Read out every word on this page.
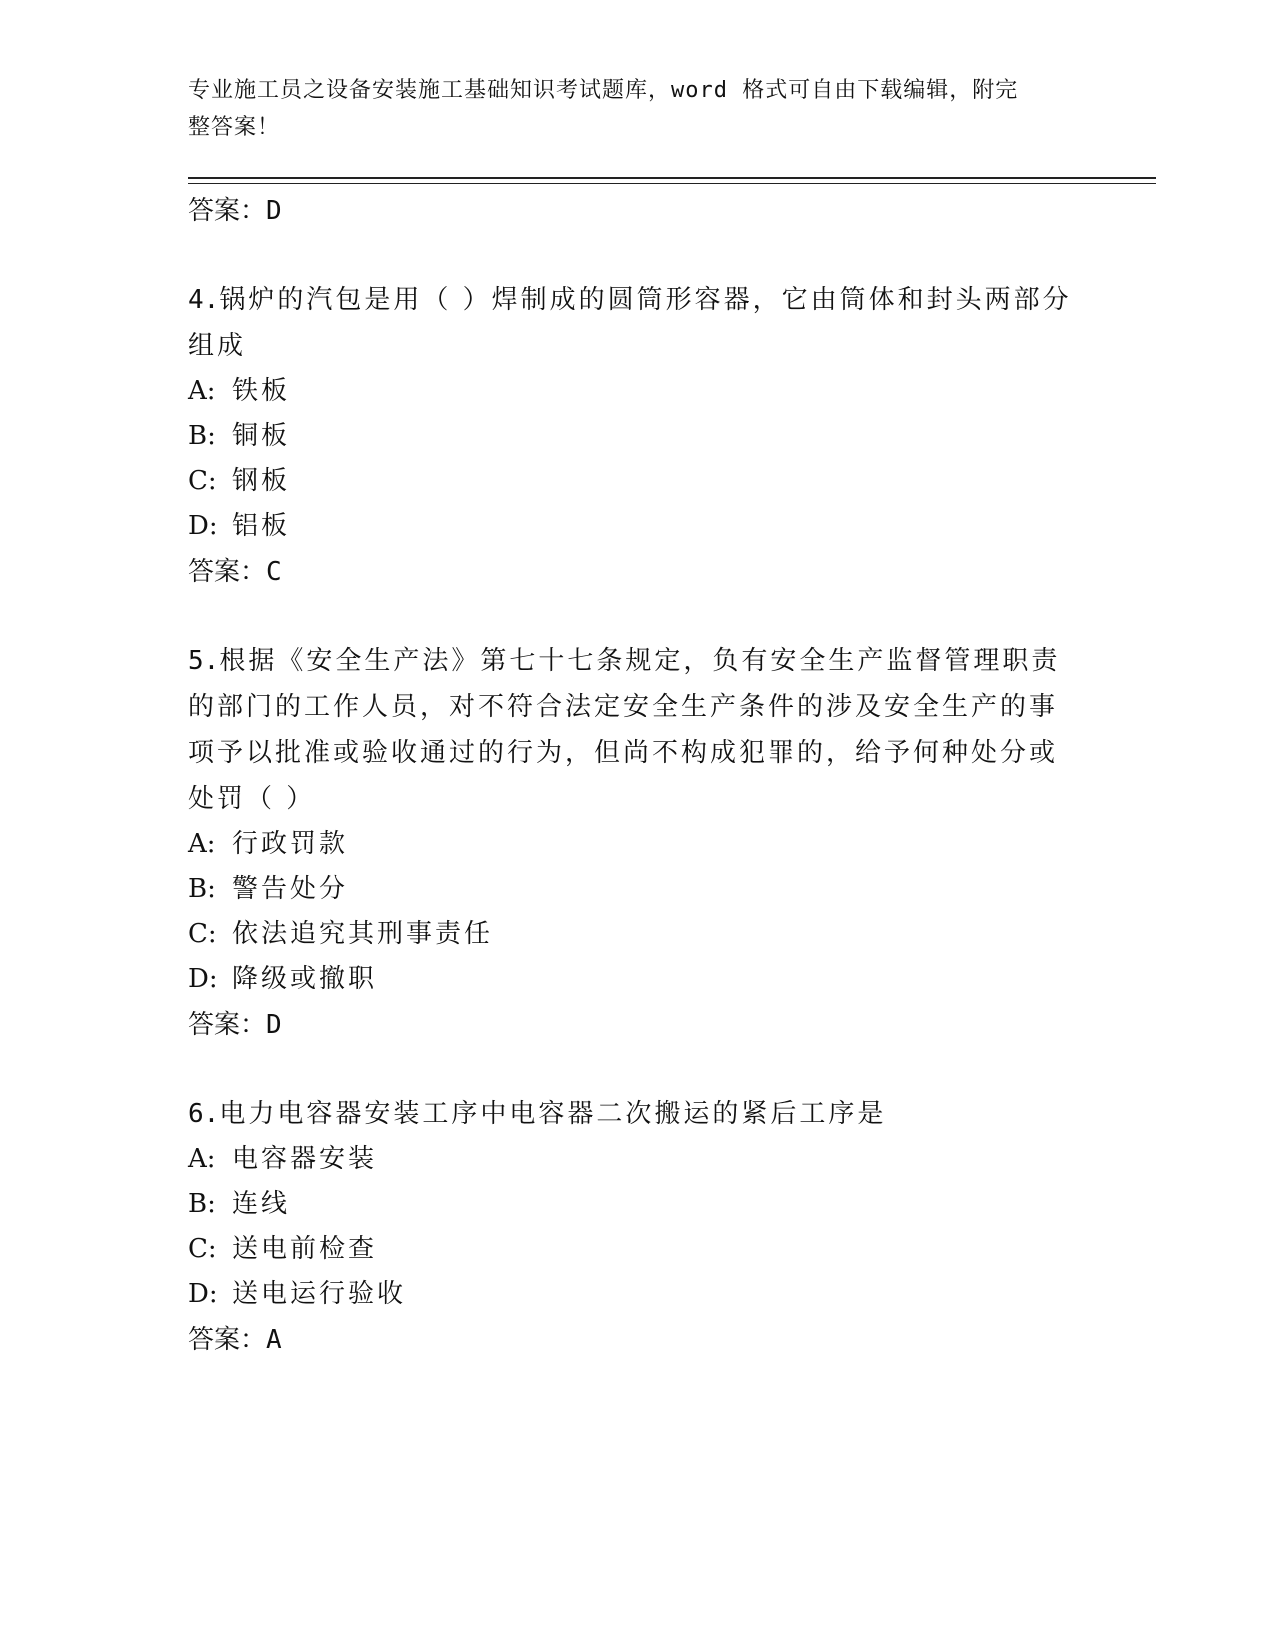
专业施工员之设备安装施工基础知识考试题库，word 格式可自由下载编辑，附完
整答案！
答案：D
4.锅炉的汽包是用（ ）焊制成的圆筒形容器，它由筒体和封头两部分组成
A: 铁板
B: 铜板
C: 钢板
D: 铝板
答案：C
5.根据《安全生产法》第七十七条规定，负有安全生产监督管理职责的部门的工作人员，对不符合法定安全生产条件的涉及安全生产的事项予以批准或验收通过的行为，但尚不构成犯罪的，给予何种处分或处罚（ ）
A: 行政罚款
B: 警告处分
C: 依法追究其刑事责任
D: 降级或撤职
答案：D
6.电力电容器安装工序中电容器二次搬运的紧后工序是
A: 电容器安装
B: 连线
C: 送电前检查
D: 送电运行验收
答案：A
